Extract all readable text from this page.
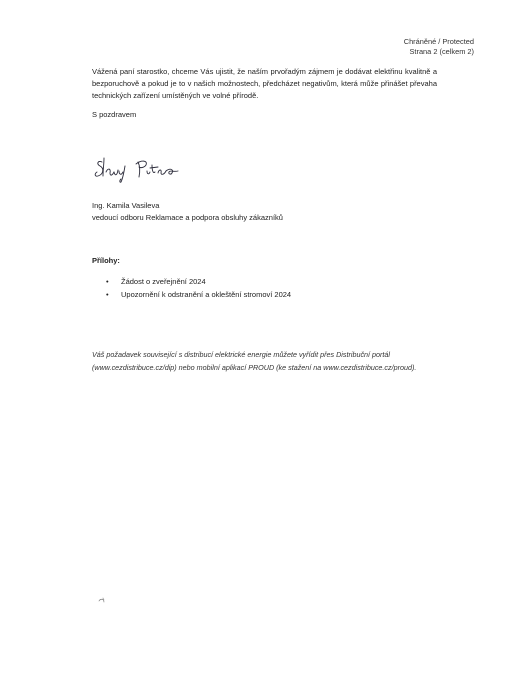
Chráněné / Protected
Strana 2 (celkem 2)
Vážená paní starostko, chceme Vás ujistit, že naším prvořadým zájmem je dodávat elektřinu kvalitně a bezporuchově a pokud je to v našich možnostech, předcházet negativům, která může přinášet převaha technických zařízení umístěných ve volné přírodě.
S pozdravem
Ing. Kamila Vasileva
vedoucí odboru Reklamace a podpora obsluhy zákazníků
Přílohy:
• Žádost o zveřejnění 2024
• Upozornění k odstranění a okleštění stromoví 2024
Váš požadavek související s distribucí elektrické energie můžete vyřídit přes Distribuční portál (www.cezdistribuce.cz/dip) nebo mobilní aplikací PROUD (ke stažení na www.cezdistribuce.cz/proud).
